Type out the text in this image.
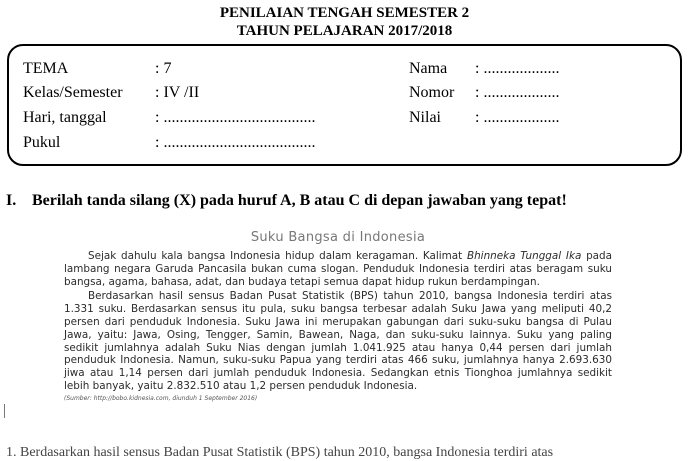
PENILAIAN TENGAH SEMESTER 2
TAHUN PELAJARAN 2017/2018
TEMA	: 7
Kelas/Semester : IV /II
Hari, tanggal	: ......................................
Pukul	: ......................................
Nama : ...................
Nomor : ...................
Nilai : ...................
I. Berilah tanda silang (X) pada huruf A, B atau C di depan jawaban yang tepat!
Suku Bangsa di Indonesia

Sejak dahulu kala bangsa Indonesia hidup dalam keragaman. Kalimat Bhinneka Tunggal Ika pada lambang negara Garuda Pancasila bukan cuma slogan. Penduduk Indonesia terdiri atas beragam suku bangsa, agama, bahasa, adat, dan budaya tetapi semua dapat hidup rukun berdampingan.

Berdasarkan hasil sensus Badan Pusat Statistik (BPS) tahun 2010, bangsa Indonesia terdiri atas 1.331 suku. Berdasarkan sensus itu pula, suku bangsa terbesar adalah Suku Jawa yang meliputi 40,2 persen dari penduduk Indonesia. Suku Jawa ini merupakan gabungan dari suku-suku bangsa di Pulau Jawa, yaitu: Jawa, Osing, Tengger, Samin, Bawean, Naga, dan suku-suku lainnya. Suku yang paling sedikit jumlahnya adalah Suku Nias dengan jumlah 1.041.925 atau hanya 0,44 persen dari jumlah penduduk Indonesia. Namun, suku-suku Papua yang terdiri atas 466 suku, jumlahnya hanya 2.693.630 jiwa atau 1,14 persen dari jumlah penduduk Indonesia. Sedangkan etnis Tionghoa jumlahnya sedikit lebih banyak, yaitu 2.832.510 atau 1,2 persen penduduk Indonesia.

(Sumber: http://bobo.kidnesia.com, diunduh 1 September 2016)
1. Berdasarkan hasil sensus Badan Pusat Statistik (BPS) tahun 2010, bangsa Indonesia terdiri atas
